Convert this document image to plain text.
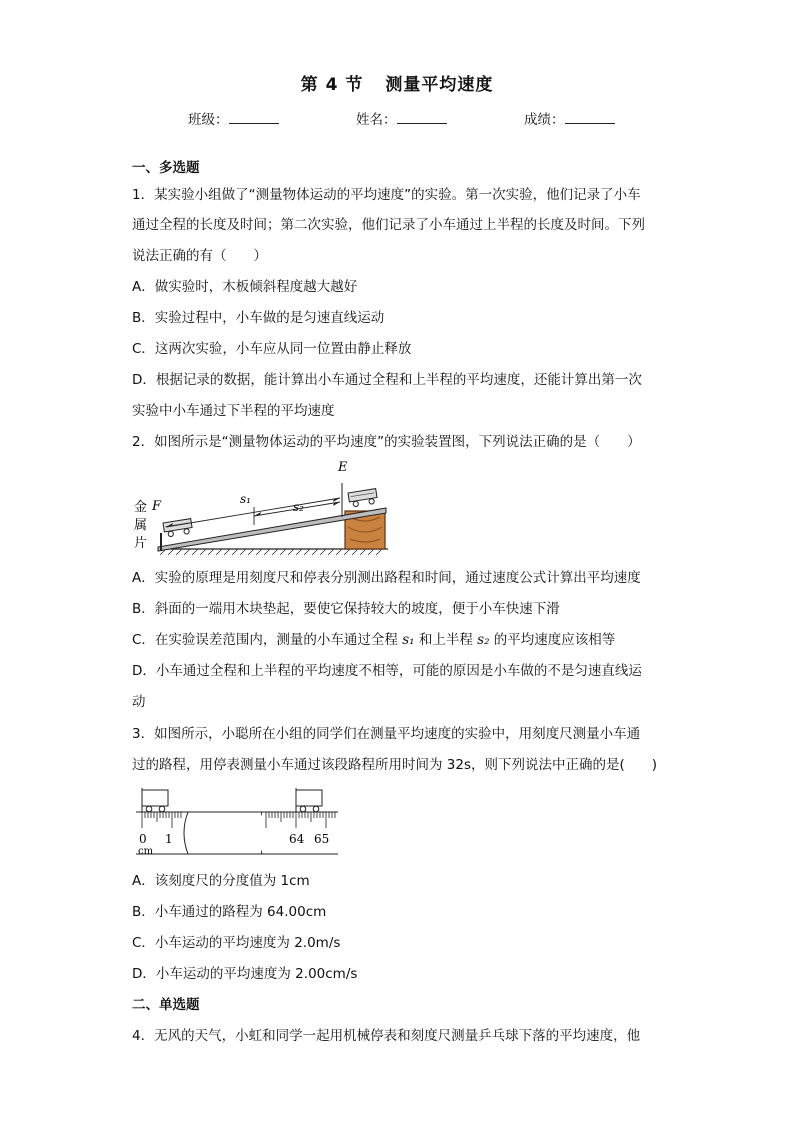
第 4 节 测量平均速度
班级：	姓名：	成绩：
一、多选题
1．某实验小组做了“测量物体运动的平均速度”的实验。第一次实验，他们记录了小车
通过全程的长度及时间；第二次实验，他们记录了小车通过上半程的长度及时间。下列
说法正确的有（　　）
A．做实验时，木板倾斜程度越大越好
B．实验过程中，小车做的是匀速直线运动
C．这两次实验，小车应从同一位置由静止释放
D．根据记录的数据，能计算出小车通过全程和上半程的平均速度，还能计算出第一次
实验中小车通过下半程的平均速度
2．如图所示是“测量物体运动的平均速度”的实验装置图，下列说法正确的是（　　）
E
F	s₁
s₂
金
属
片
A．实验的原理是用刻度尺和停表分别测出路程和时间，通过速度公式计算出平均速度
B．斜面的一端用木块垫起，要使它保持较大的坡度，便于小车快速下滑
C．在实验误差范围内，测量的小车通过全程 s₁ 和上半程 s₂ 的平均速度应该相等
D．小车通过全程和上半程的平均速度不相等，可能的原因是小车做的不是匀速直线运
动
3．如图所示，小聪所在小组的同学们在测量平均速度的实验中，用刻度尺测量小车通
过的路程，用停表测量小车通过该段路程所用时间为 32s，则下列说法中正确的是(　　)
0 1	64 65
cm
A．该刻度尺的分度值为 1cm
B．小车通过的路程为 64.00cm
C．小车运动的平均速度为 2.0m/s
D．小车运动的平均速度为 2.00cm/s
二、单选题
4．无风的天气，小虹和同学一起用机械停表和刻度尺测量乒乓球下落的平均速度，他
